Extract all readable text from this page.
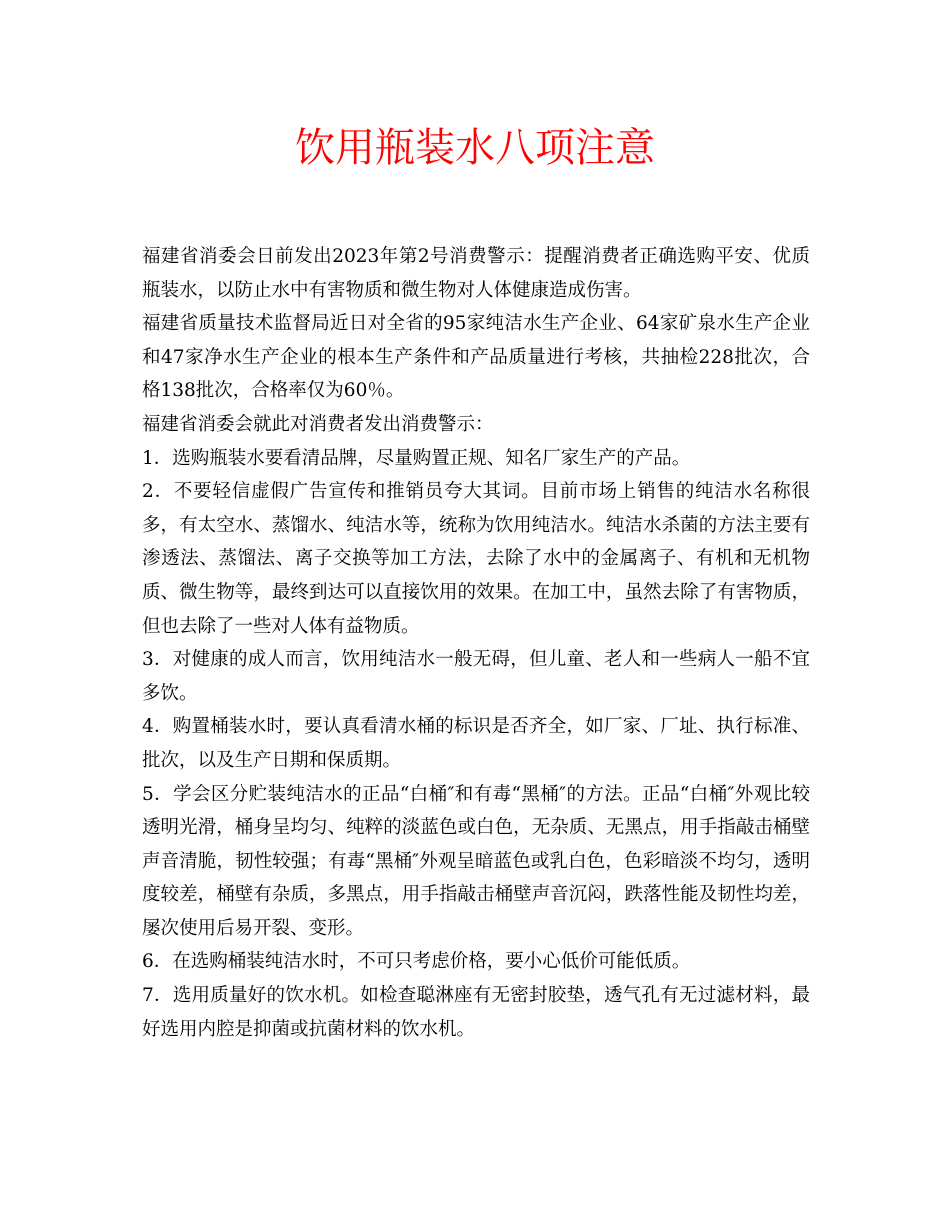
饮用瓶装水八项注意

福建省消委会日前发出2023年第2号消费警示：提醒消费者正确选购平安、优质瓶装水，以防止水中有害物质和微生物对人体健康造成伤害。

福建省质量技术监督局近日对全省的95家纯洁水生产企业、64家矿泉水生产企业和47家净水生产企业的根本生产条件和产品质量进行考核，共抽检228批次，合格138批次，合格率仅为60％。

福建省消委会就此对消费者发出消费警示：

1．选购瓶装水要看清品牌，尽量购置正规、知名厂家生产的产品。

2．不要轻信虚假广告宣传和推销员夸大其词。目前市场上销售的纯洁水名称很多，有太空水、蒸馏水、纯洁水等，统称为饮用纯洁水。纯洁水杀菌的方法主要有渗透法、蒸馏法、离子交换等加工方法，去除了水中的金属离子、有机和无机物质、微生物等，最终到达可以直接饮用的效果。在加工中，虽然去除了有害物质，但也去除了一些对人体有益物质。

3．对健康的成人而言，饮用纯洁水一般无碍，但儿童、老人和一些病人一船不宜多饮。

4．购置桶装水时，要认真看清水桶的标识是否齐全，如厂家、厂址、执行标准、批次，以及生产日期和保质期。

5．学会区分贮装纯洁水的正品“白桶″和有毒“黑桶″的方法。正品“白桶″外观比较透明光滑，桶身呈均匀、纯粹的淡蓝色或白色，无杂质、无黑点，用手指敲击桶壁声音清脆，韧性较强；有毒“黑桶″外观呈暗蓝色或乳白色，色彩暗淡不均匀，透明度较差，桶壁有杂质，多黑点，用手指敲击桶壁声音沉闷，跌落性能及韧性均差，屡次使用后易开裂、变形。

6．在选购桶装纯洁水时，不可只考虑价格，要小心低价可能低质。

7．选用质量好的饮水机。如检查聪淋座有无密封胶垫，透气孔有无过滤材料，最好选用内腔是抑菌或抗菌材料的饮水机。
